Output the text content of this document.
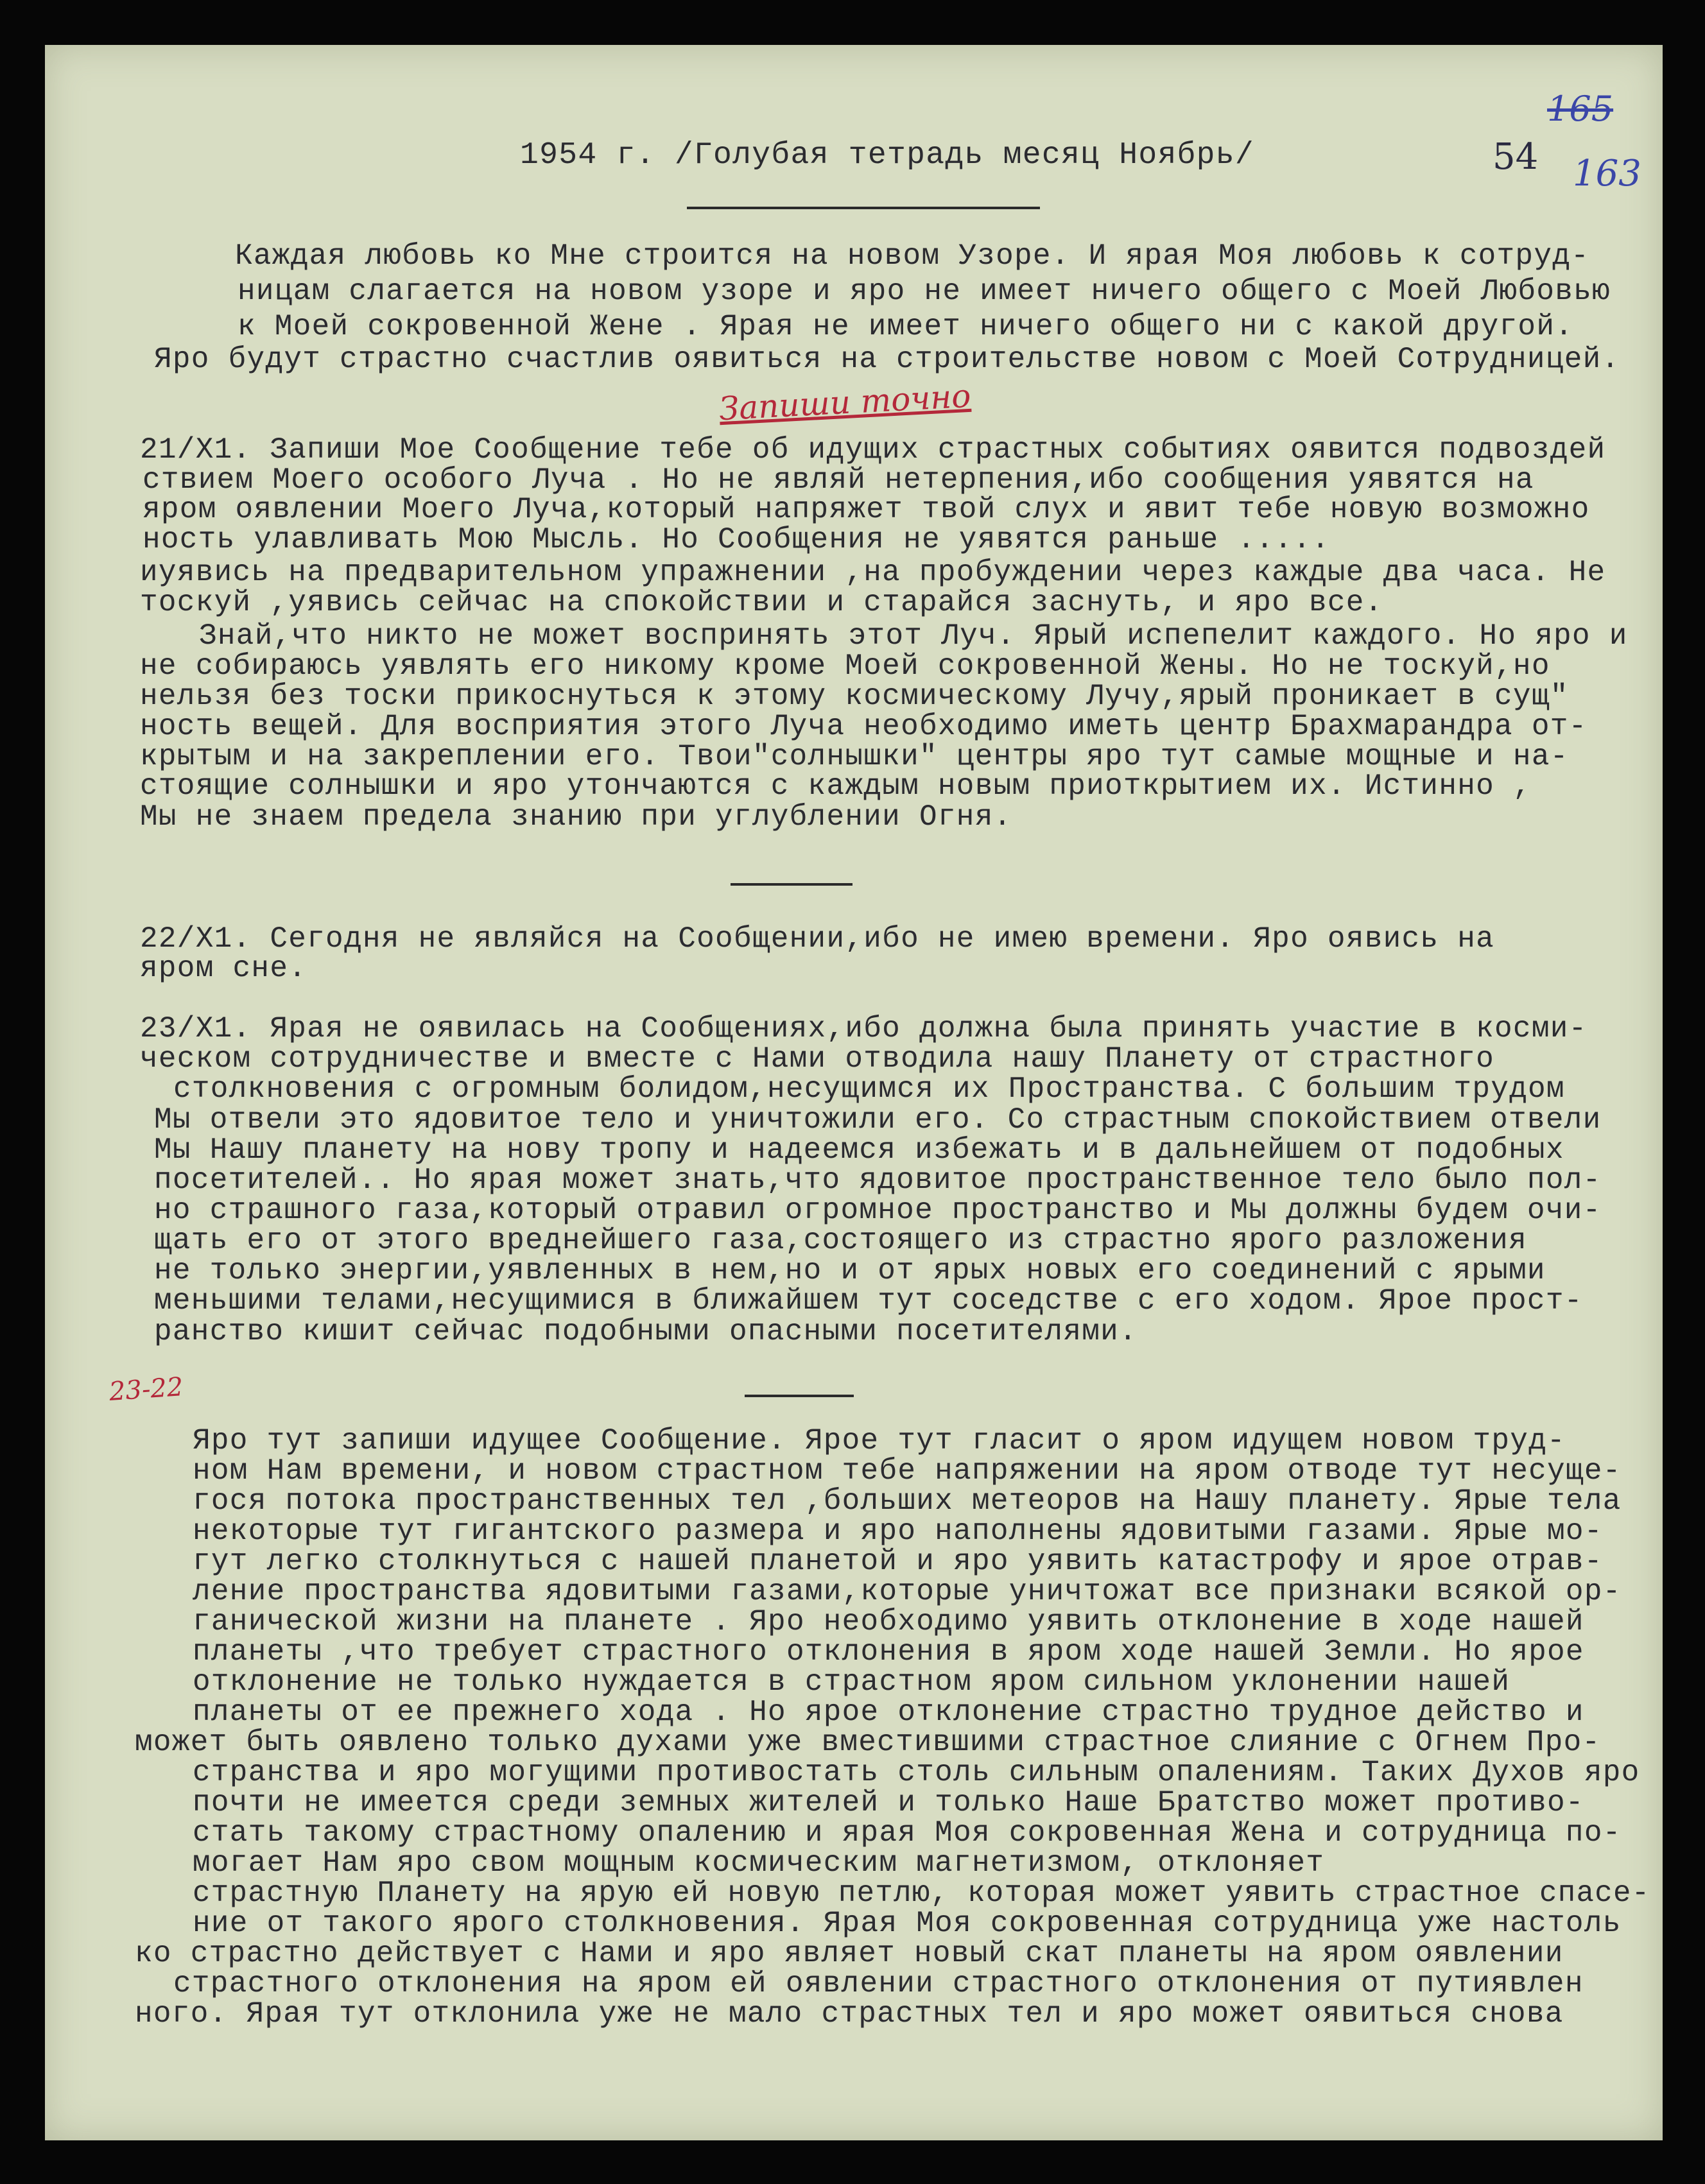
1954 г. /Голубая тетрадь месяц Ноябрь/	54
165
163
Каждая любовь ко Мне строится на новом Узоре. И ярая Моя любовь к сотруд-
ницам слагается на новом узоре и яро не имеет ничего общего с Моей Любовью
к Моей сокровенной Жене . Ярая не имеет ничего общего ни с какой другой.
Яро будут страстно счастлив оявиться на строительстве новом с Моей Сотрудницей.
Запиши точно
21/Х1. Запиши Мое Сообщение тебе об идущих страстных событиях оявится подвоздей
ствием Моего особого Луча . Но не являй нетерпения,ибо сообщения уявятся на
яром оявлении Моего Луча,который напряжет твой слух и явит тебе новую возможно
ность улавливать Мою Мысль. Но Сообщения не уявятся раньше .....
иуявись на предварительном упражнении ,на пробуждении через каждые два часа. Не
тоскуй ,уявись сейчас на спокойствии и старайся заснуть, и яро все.
Знай,что никто не может воспринять этот Луч. Ярый испепелит каждого. Но яро и
не собираюсь уявлять его никому кроме Моей сокровенной Жены. Но не тоскуй,но
нельзя без тоски прикоснуться к этому космическому Лучу,ярый проникает в сущ"
ность вещей. Для восприятия этого Луча необходимо иметь центр Брахмарандра от-
крытым и на закреплении его. Твои"солнышки" центры яро тут самые мощные и на-
стоящие солнышки и яро утончаются с каждым новым приоткрытием их. Истинно ,
Мы не знаем предела знанию при углублении Огня.
22/Х1. Сегодня не являйся на Сообщении,ибо не имею времени. Яро оявись на
яром сне.
23/Х1. Ярая не оявилась на Сообщениях,ибо должна была принять участие в косми-
ческом сотрудничестве и вместе с Нами отводила нашу Планету от страстного
столкновения с огромным болидом,несущимся их Пространства. С большим трудом
Мы отвели это ядовитое тело и уничтожили его. Со страстным спокойствием отвели
Мы Нашу планету на нову тропу и надеемся избежать и в дальнейшем от подобных
посетителей.. Но ярая может знать,что ядовитое пространственное тело было пол-
но страшного газа,который отравил огромное пространство и Мы должны будем очи-
щать его от этого вреднейшего газа,состоящего из страстно ярого разложения
не только энергии,уявленных в нем,но и от ярых новых его соединений с ярыми
меньшими телами,несущимися в ближайшем тут соседстве с его ходом. Ярое прост-
ранство кишит сейчас подобными опасными посетителями.
23-22
Яро тут запиши идущее Сообщение. Ярое тут гласит о яром идущем новом труд-
ном Нам времени, и новом страстном тебе напряжении на яром отводе тут несуще-
гося потока пространственных тел ,больших метеоров на Нашу планету. Ярые тела
некоторые тут гигантского размера и яро наполнены ядовитыми газами. Ярые мо-
гут легко столкнуться с нашей планетой и яро уявить катастрофу и ярое отрав-
ление пространства ядовитыми газами,которые уничтожат все признаки всякой ор-
ганической жизни на планете . Яро необходимо уявить отклонение в ходе нашей
планеты ,что требует страстного отклонения в яром ходе нашей Земли. Но ярое
отклонение не только нуждается в страстном яром сильном уклонении нашей
планеты от ее прежнего хода . Но ярое отклонение страстно трудное действо и
может быть оявлено только духами уже вместившими страстное слияние с Огнем Про-
странства и яро могущими противостать столь сильным опалениям. Таких Духов яро
почти не имеется среди земных жителей и только Наше Братство может противо-
стать такому страстному опалению и ярая Моя сокровенная Жена и сотрудница по-
могает Нам яро свом мощным космическим магнетизмом, отклоняет
страстную Планету на ярую ей новую петлю, которая может уявить страстное спасе-
ние от такого ярого столкновения. Ярая Моя сокровенная сотрудница уже настоль
ко страстно действует с Нами и яро являет новый скат планеты на яром оявлении
страстного отклонения на яром ей оявлении страстного отклонения от путиявлен
ного. Ярая тут отклонила уже не мало страстных тел и яро может оявиться снова
